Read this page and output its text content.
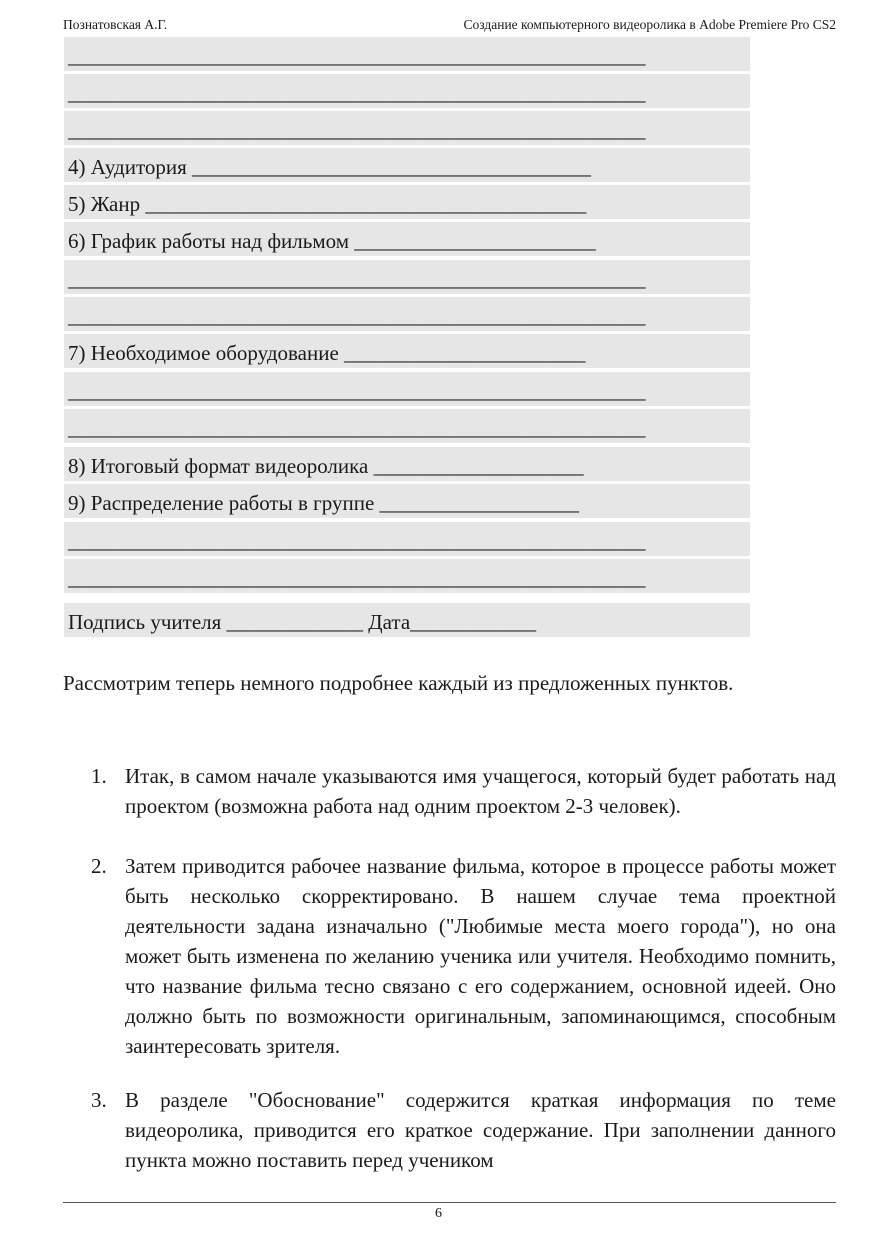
Познатовская А.Г.	Создание компьютерного видеоролика в Adobe Premiere Pro CS2
_______________________________________________________
_______________________________________________________
_______________________________________________________
4) Аудитория ______________________________________
5) Жанр __________________________________________
6) График работы над фильмом _______________________
_______________________________________________________
_______________________________________________________
7) Необходимое оборудование _______________________
_______________________________________________________
_______________________________________________________
8) Итоговый формат видеоролика ____________________
9) Распределение работы в группе ___________________
_______________________________________________________
_______________________________________________________
Подпись учителя _____________ Дата____________
Рассмотрим теперь немного подробнее каждый из предложенных пунктов.
1. Итак, в самом начале указываются имя учащегося, который будет работать над проектом (возможна работа над одним проектом 2-3 человек).
2. Затем приводится рабочее название фильма, которое в процессе работы может быть несколько скорректировано. В нашем случае тема проектной деятельности задана изначально ("Любимые места моего города"), но она может быть изменена по желанию ученика или учителя. Необходимо помнить, что название фильма тесно связано с его содержанием, основной идеей. Оно должно быть по возможности оригинальным, запоминающимся, способным заинтересовать зрителя.
3. В разделе "Обоснование" содержится краткая информация по теме видеоролика, приводится его краткое содержание. При заполнении данного пункта можно поставить перед учеником
6
